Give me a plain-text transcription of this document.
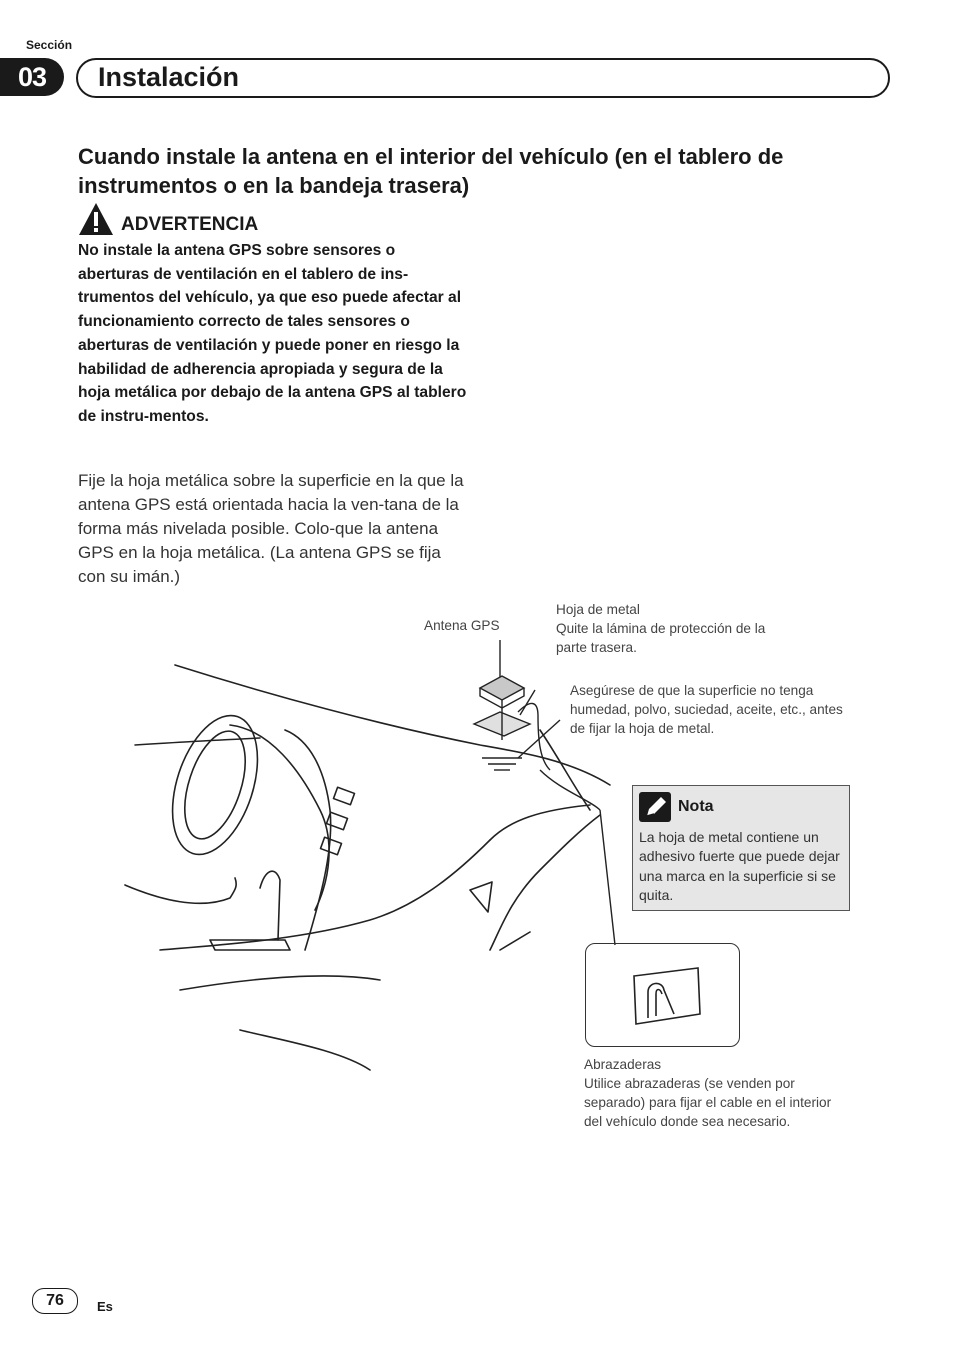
Sección
03	Instalación
Cuando instale la antena en el interior del vehículo (en el tablero de instrumentos o en la bandeja trasera)
ADVERTENCIA
No instale la antena GPS sobre sensores o aberturas de ventilación en el tablero de ins-trumentos del vehículo, ya que eso puede afectar al funcionamiento correcto de tales sensores o aberturas de ventilación y puede poner en riesgo la habilidad de adherencia apropiada y segura de la hoja metálica por debajo de la antena GPS al tablero de instru-mentos.
Fije la hoja metálica sobre la superficie en la que la antena GPS está orientada hacia la ven-tana de la forma más nivelada posible. Colo-que la antena GPS en la hoja metálica. (La antena GPS se fija con su imán.)
Antena GPS
Hoja de metal
Quite la lámina de protección de la parte trasera.
Asegúrese de que la superficie no tenga humedad, polvo, suciedad, aceite, etc., antes de fijar la hoja de metal.
Nota
La hoja de metal contiene un adhesivo fuerte que puede dejar una marca en la superficie si se quita.
Abrazaderas
Utilice abrazaderas (se venden por separado) para fijar el cable en el interior del vehículo donde sea necesario.
76	Es
